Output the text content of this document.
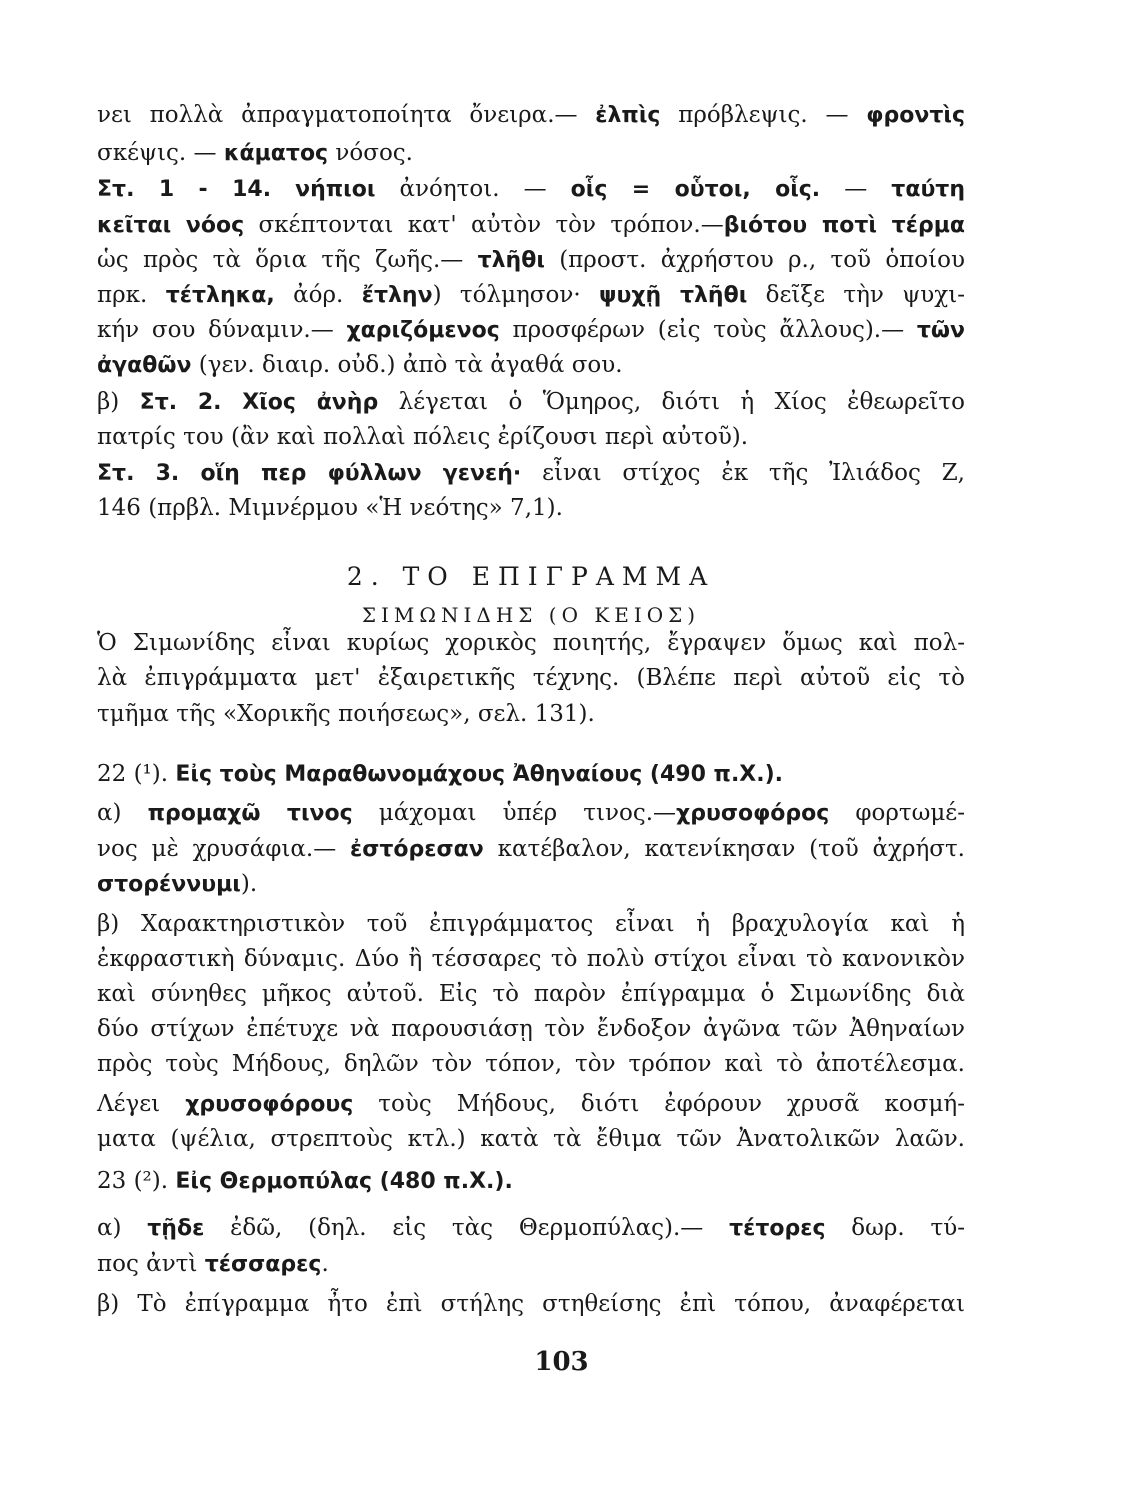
νει πολλὰ ἀπραγματοποίητα ὄνειρα.— ἐλπὶς πρόβλεψις. — φροντὶς
σκέψις. — κάματος νόσος.
Στ. 1 - 14. νήπιοι ἀνόητοι. — οἷς = οὗτοι, οἷς. — ταύτη
κεῖται νόος σκέπτονται κατ' αὐτὸν τὸν τρόπον.—βιότου ποτὶ τέρμα
ὡς πρὸς τὰ ὅρια τῆς ζωῆς.— τλῆθι (προστ. ἀχρήστου ρ., τοῦ ὁποίου
πρκ. τέτληκα, ἀόρ. ἔτλην) τόλμησον· ψυχῇ τλῆθι δεῖξε τὴν ψυχι-
κήν σου δύναμιν.— χαριζόμενος προσφέρων (εἰς τοὺς ἄλλους).— τῶν
ἀγαθῶν (γεν. διαιρ. οὐδ.) ἀπὸ τὰ ἀγαθά σου.
β) Στ. 2. Χῖος ἀνὴρ λέγεται ὁ Ὅμηρος, διότι ἡ Χίος ἐθεωρεῖτο
πατρίς του (ἂν καὶ πολλαὶ πόλεις ἐρίζουσι περὶ αὐτοῦ).
Στ. 3. οἵη περ φύλλων γενεή· εἶναι στίχος ἐκ τῆς Ἰλιάδος Ζ,
146 (πρβλ. Μιμνέρμου «Ἡ νεότης» 7,1).
Ὁ Σιμωνίδης εἶναι κυρίως χορικὸς ποιητής, ἔγραψεν ὅμως καὶ πολ-
λὰ ἐπιγράμματα μετ' ἐξαιρετικῆς τέχνης. (Βλέπε περὶ αὐτοῦ εἰς τὸ
τμῆμα τῆς «Χορικῆς ποιήσεως», σελ. 131).
22 (¹). Εἰς τοὺς Μαραθωνομάχους Ἀθηναίους (490 π.Χ.).
α) προμαχῶ τινος μάχομαι ὑπέρ τινος.—χρυσοφόρος φορτωμέ-
νος μὲ χρυσάφια.— ἐστόρεσαν κατέβαλον, κατενίκησαν (τοῦ ἀχρήστ.
στορέννυμι).
β) Χαρακτηριστικὸν τοῦ ἐπιγράμματος εἶναι ἡ βραχυλογία καὶ ἡ
ἐκφραστικὴ δύναμις. Δύο ἢ τέσσαρες τὸ πολὺ στίχοι εἶναι τὸ κανονικὸν
καὶ σύνηθες μῆκος αὐτοῦ. Εἰς τὸ παρὸν ἐπίγραμμα ὁ Σιμωνίδης διὰ
δύο στίχων ἐπέτυχε νὰ παρουσιάσῃ τὸν ἔνδοξον ἀγῶνα τῶν Ἀθηναίων
πρὸς τοὺς Μήδους, δηλῶν τὸν τόπον, τὸν τρόπον καὶ τὸ ἀποτέλεσμα.
Λέγει χρυσοφόρους τοὺς Μήδους, διότι ἐφόρουν χρυσᾶ κοσμή-
ματα (ψέλια, στρεπτοὺς κτλ.) κατὰ τὰ ἔθιμα τῶν Ἀνατολικῶν λαῶν.
23 (²). Εἰς Θερμοπύλας (480 π.Χ.).
α) τῇδε ἐδῶ, (δηλ. εἰς τὰς Θερμοπύλας).— τέτορες δωρ. τύ-
πος ἀντὶ τέσσαρες.
β) Τὸ ἐπίγραμμα ἦτο ἐπὶ στήλης στηθείσης ἐπὶ τόπου, ἀναφέρεται
2. ΤΟ ΕΠΙΓΡΑΜΜΑ
ΣΙΜΩΝΙΔΗΣ (Ο ΚΕΙΟΣ)
103
